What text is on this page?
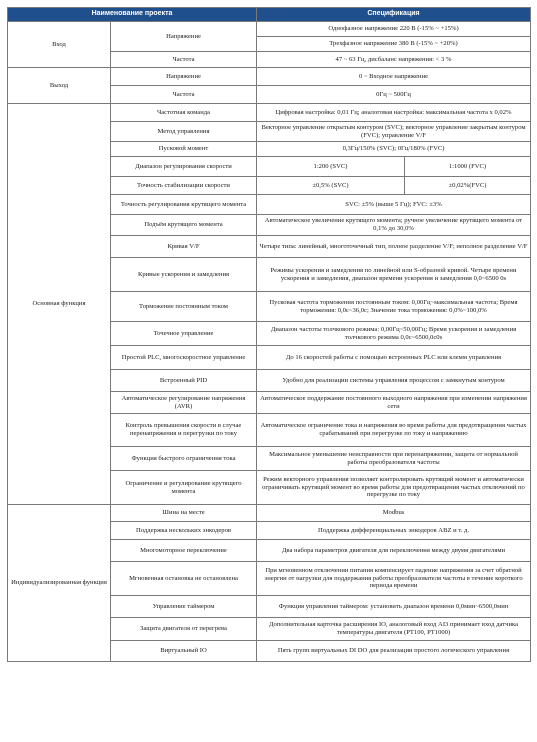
Наименование проекта		Спецификация	
Вход	Напряжение	Однофазное напряжение 220 В (-15% ~ +15%)	
		Трехфазное напряжение 380 В (-15% ~ +20%)	
	Частота	47 ~ 63 Гц, дисбаланс напряжения: < 3 %	
Выход	Напряжение	0 ~ Входное напряжение	
	Частота	0Гц ~ 500Гц	
Основная функция	Частотная команда	Цифровая настройка: 0,01 Гц; аналоговая настройка: максимальная частота x 0,02%	
	Метод управления	Векторное управление открытым контуром (SVC); векторное управление закрытым контуром (FVC); управление V/F	
	Пусковой момент	0,3Гц/150% (SVC); 0Гц/180% (FVC)	
	Диапазон регулирования скорости	1:200 (SVC)	1:1000 (FVC)
	Точность стабилизации скорости	±0,5% (SVC)	±0,02%(FVC)
	Точность регулирования крутящего момента	SVC: ±5% (выше 5 Гц); FVC: ±3%	
	Подъём крутящего момента	Автоматическое увеличение крутящего момента; ручное увеличение крутящего момента от 0,1% до 30,0%	
	Кривая V/F	Четыре типа: линейный, многоточечный тип, полное разделение V/F; неполное разделение V/F	
	Кривые ускорения и замедления	Режимы ускорения и замедления по линейной или S-образной кривой. Четыре времени ускорения и замедления, диапазон времени ускорения и замедления 0,0~6500 0s	
	Торможение постоянным током	Пусковая частота торможения постоянным током: 0,00Гц~максимальная частота; Время торможения: 0,0с~36,0с; Значение тока торможения: 0,0%~100,0%	
	Точечное управление	Диапазон частоты толчкового режима: 0,00Гц~50,00Гц; Время ускорения и замедления толчкового режима 0,0с~6500,0с0s	
	Простой PLC, многоскоростное управление	До 16 скоростей работы с помощью встроенных PLC или клемм управления	
	Встроенный PID	Удобно для реализации системы управления процессом с замкнутым контуром	
	Автоматическое регулирование напряжения (AVR)	Автоматическое поддержание постоянного выходного напряжения при изменении напряжения сети	
	Контроль превышения скорости в случае перенапряжения и перегрузки по току	Автоматическое ограничение тока и напряжения во время работы для предотвращения частых срабатываний при перегрузке по току и напряжению	
	Функция быстрого ограничения тока	Максимальное уменьшение неисправности при перенапряжении, защита от нормальной работы преобразователя частоты	
	Ограничение и регулирование крутящего момента	Режим векторного управления позволяет контролировать крутящий момент и автоматически ограничивать крутящий момент во время работы для предотвращения частых отключений по перегрузке по току	
Индивидуализированная функция	Шина на месте	Modbus	
	Поддержка нескольких энкодеров	Поддержка дифференциальных энкодеров ABZ и т. д.	
	Многомоторное переключение	Два набора параметров двигателя для переключения между двумя двигателями	
	Мгновенная остановка не остановлена	При мгновенном отключении питания компенсирует падение напряжения за счет обратной энергии от нагрузки для поддержания работы преобразователя частоты в течение короткого периода времени	
	Управление таймером	Функция управления таймером: установить диапазон времени 0,0мин~6500,0мин	
	Защита двигателя от перегрева	Дополнительная карточка расширения IO, аналоговый вход AI3 принимает вход датчика температуры двигателя (PT100, PT1000)	
	Виртуальный IO	Пять групп виртуальных DI DO для реализации простого логического управления	
